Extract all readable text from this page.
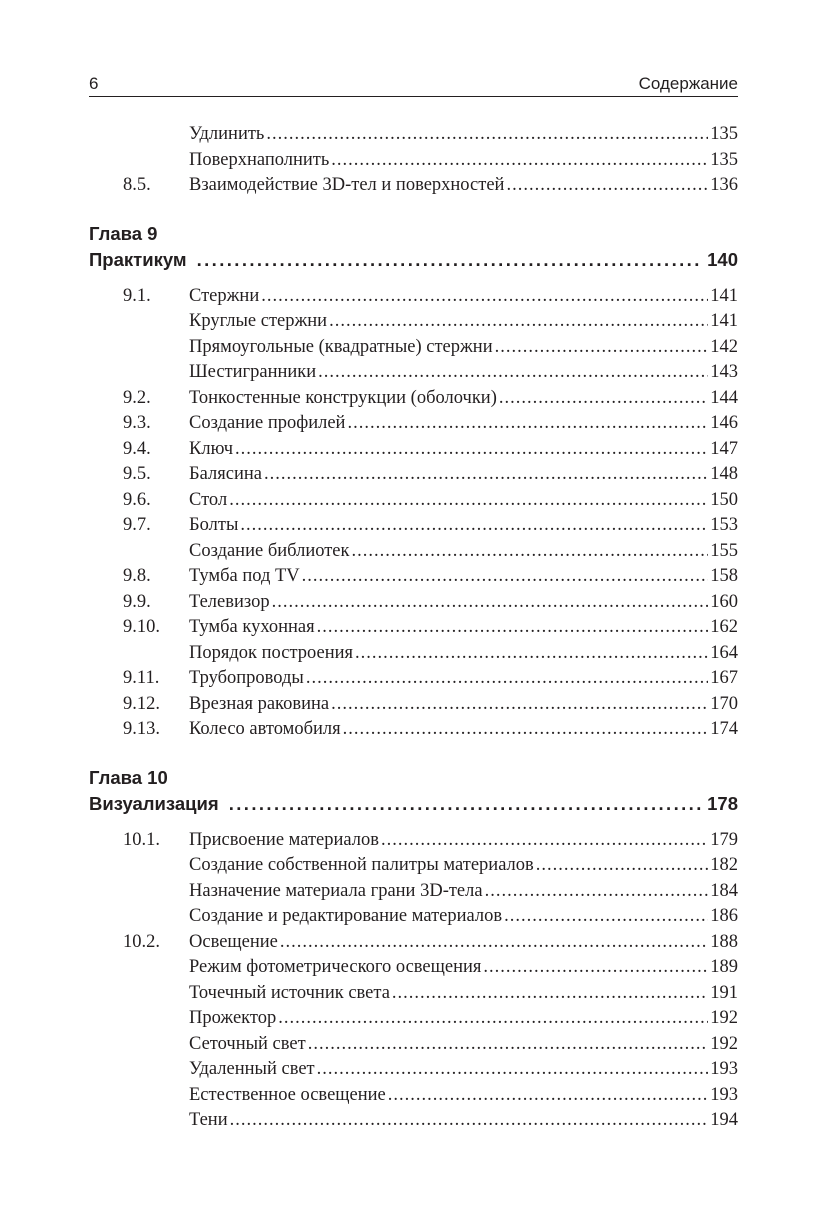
6	Содержание
Удлинить .....	135
Поверхнаполнить .....	135
8.5. Взаимодействие 3D-тел и поверхностей .....	136
Глава 9
Практикум .....	140
9.1. Стержни .....	141
Круглые стержни .....	141
Прямоугольные (квадратные) стержни .....	142
Шестигранники .....	143
9.2. Тонкостенные конструкции (оболочки) .....	144
9.3. Создание профилей .....	146
9.4. Ключ .....	147
9.5. Балясина .....	148
9.6. Стол .....	150
9.7. Болты .....	153
Создание библиотек .....	155
9.8. Тумба под TV .....	158
9.9. Телевизор .....	160
9.10. Тумба кухонная .....	162
Порядок построения .....	164
9.11. Трубопроводы .....	167
9.12. Врезная раковина .....	170
9.13. Колесо автомобиля .....	174
Глава 10
Визуализация .....	178
10.1. Присвоение материалов .....	179
Создание собственной палитры материалов .....	182
Назначение материала грани 3D-тела .....	184
Создание и редактирование материалов .....	186
10.2. Освещение .....	188
Режим фотометрического освещения .....	189
Точечный источник света .....	191
Прожектор .....	192
Сеточный свет .....	192
Удаленный свет .....	193
Естественное освещение .....	193
Тени .....	194
